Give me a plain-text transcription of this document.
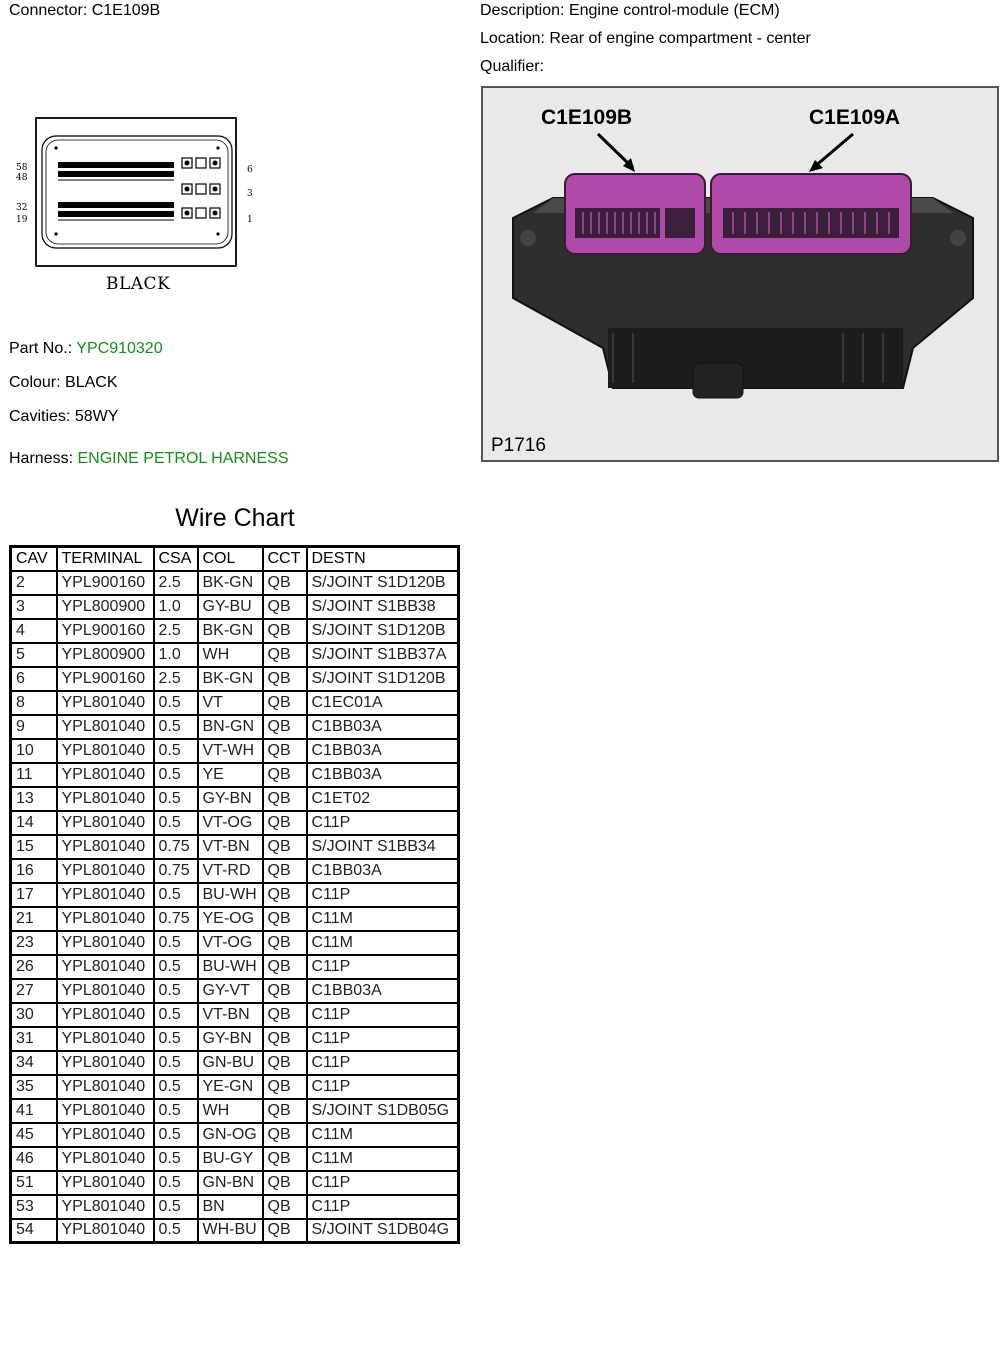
Connector: C1E109B	Description: Engine control-module (ECM)
Location: Rear of engine compartment - center
Qualifier:
58
48
32
19
6
3
1
BLACK
C1E109B	C1E109A
P1716
Part No.: YPC910320
Colour: BLACK
Cavities: 58WY
Harness: ENGINE PETROL HARNESS
Wire Chart
CAV	TERMINAL	CSA	COL	CCT	DESTN
2	YPL900160	2.5	BK-GN	QB	S/JOINT S1D120B
3	YPL800900	1.0	GY-BU	QB	S/JOINT S1BB38
4	YPL900160	2.5	BK-GN	QB	S/JOINT S1D120B
5	YPL800900	1.0	WH	QB	S/JOINT S1BB37A
6	YPL900160	2.5	BK-GN	QB	S/JOINT S1D120B
8	YPL801040	0.5	VT	QB	C1EC01A
9	YPL801040	0.5	BN-GN	QB	C1BB03A
10	YPL801040	0.5	VT-WH	QB	C1BB03A
11	YPL801040	0.5	YE	QB	C1BB03A
13	YPL801040	0.5	GY-BN	QB	C1ET02
14	YPL801040	0.5	VT-OG	QB	C11P
15	YPL801040	0.75	VT-BN	QB	S/JOINT S1BB34
16	YPL801040	0.75	VT-RD	QB	C1BB03A
17	YPL801040	0.5	BU-WH	QB	C11P
21	YPL801040	0.75	YE-OG	QB	C11M
23	YPL801040	0.5	VT-OG	QB	C11M
26	YPL801040	0.5	BU-WH	QB	C11P
27	YPL801040	0.5	GY-VT	QB	C1BB03A
30	YPL801040	0.5	VT-BN	QB	C11P
31	YPL801040	0.5	GY-BN	QB	C11P
34	YPL801040	0.5	GN-BU	QB	C11P
35	YPL801040	0.5	YE-GN	QB	C11P
41	YPL801040	0.5	WH	QB	S/JOINT S1DB05G
45	YPL801040	0.5	GN-OG	QB	C11M
46	YPL801040	0.5	BU-GY	QB	C11M
51	YPL801040	0.5	GN-BN	QB	C11P
53	YPL801040	0.5	BN	QB	C11P
54	YPL801040	0.5	WH-BU	QB	S/JOINT S1DB04G
